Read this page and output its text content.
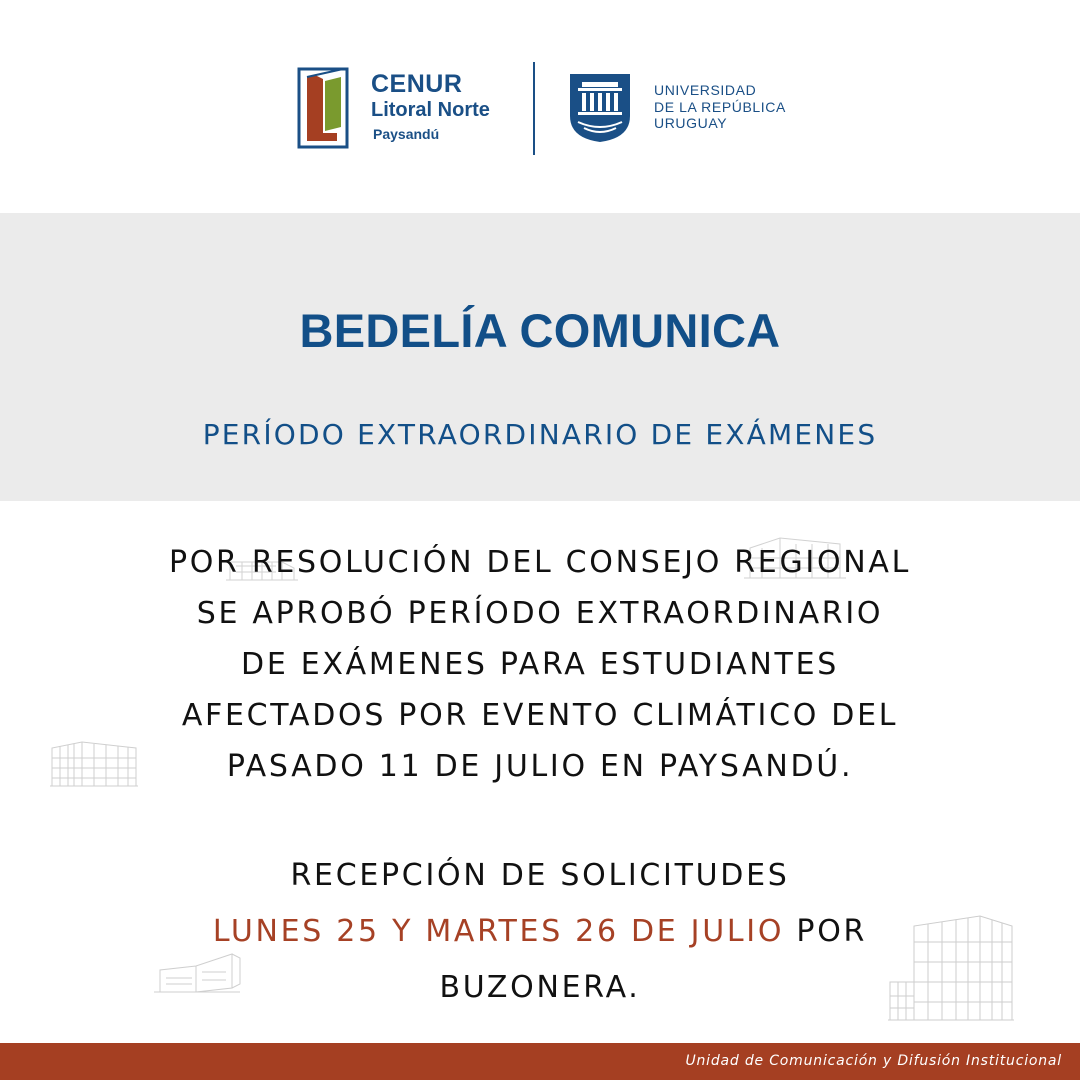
CENUR
Litoral Norte
Paysandú
UNIVERSIDAD
DE LA REPÚBLICA
URUGUAY
BEDELÍA COMUNICA
PERÍODO EXTRAORDINARIO DE EXÁMENES
POR RESOLUCIÓN DEL CONSEJO REGIONAL
SE APROBÓ PERÍODO EXTRAORDINARIO
DE EXÁMENES PARA ESTUDIANTES
AFECTADOS POR EVENTO CLIMÁTICO DEL
PASADO 11 DE JULIO EN PAYSANDÚ.
RECEPCIÓN DE SOLICITUDES
LUNES 25 Y MARTES 26 DE JULIO POR
BUZONERA.
Unidad de Comunicación y Difusión Institucional
